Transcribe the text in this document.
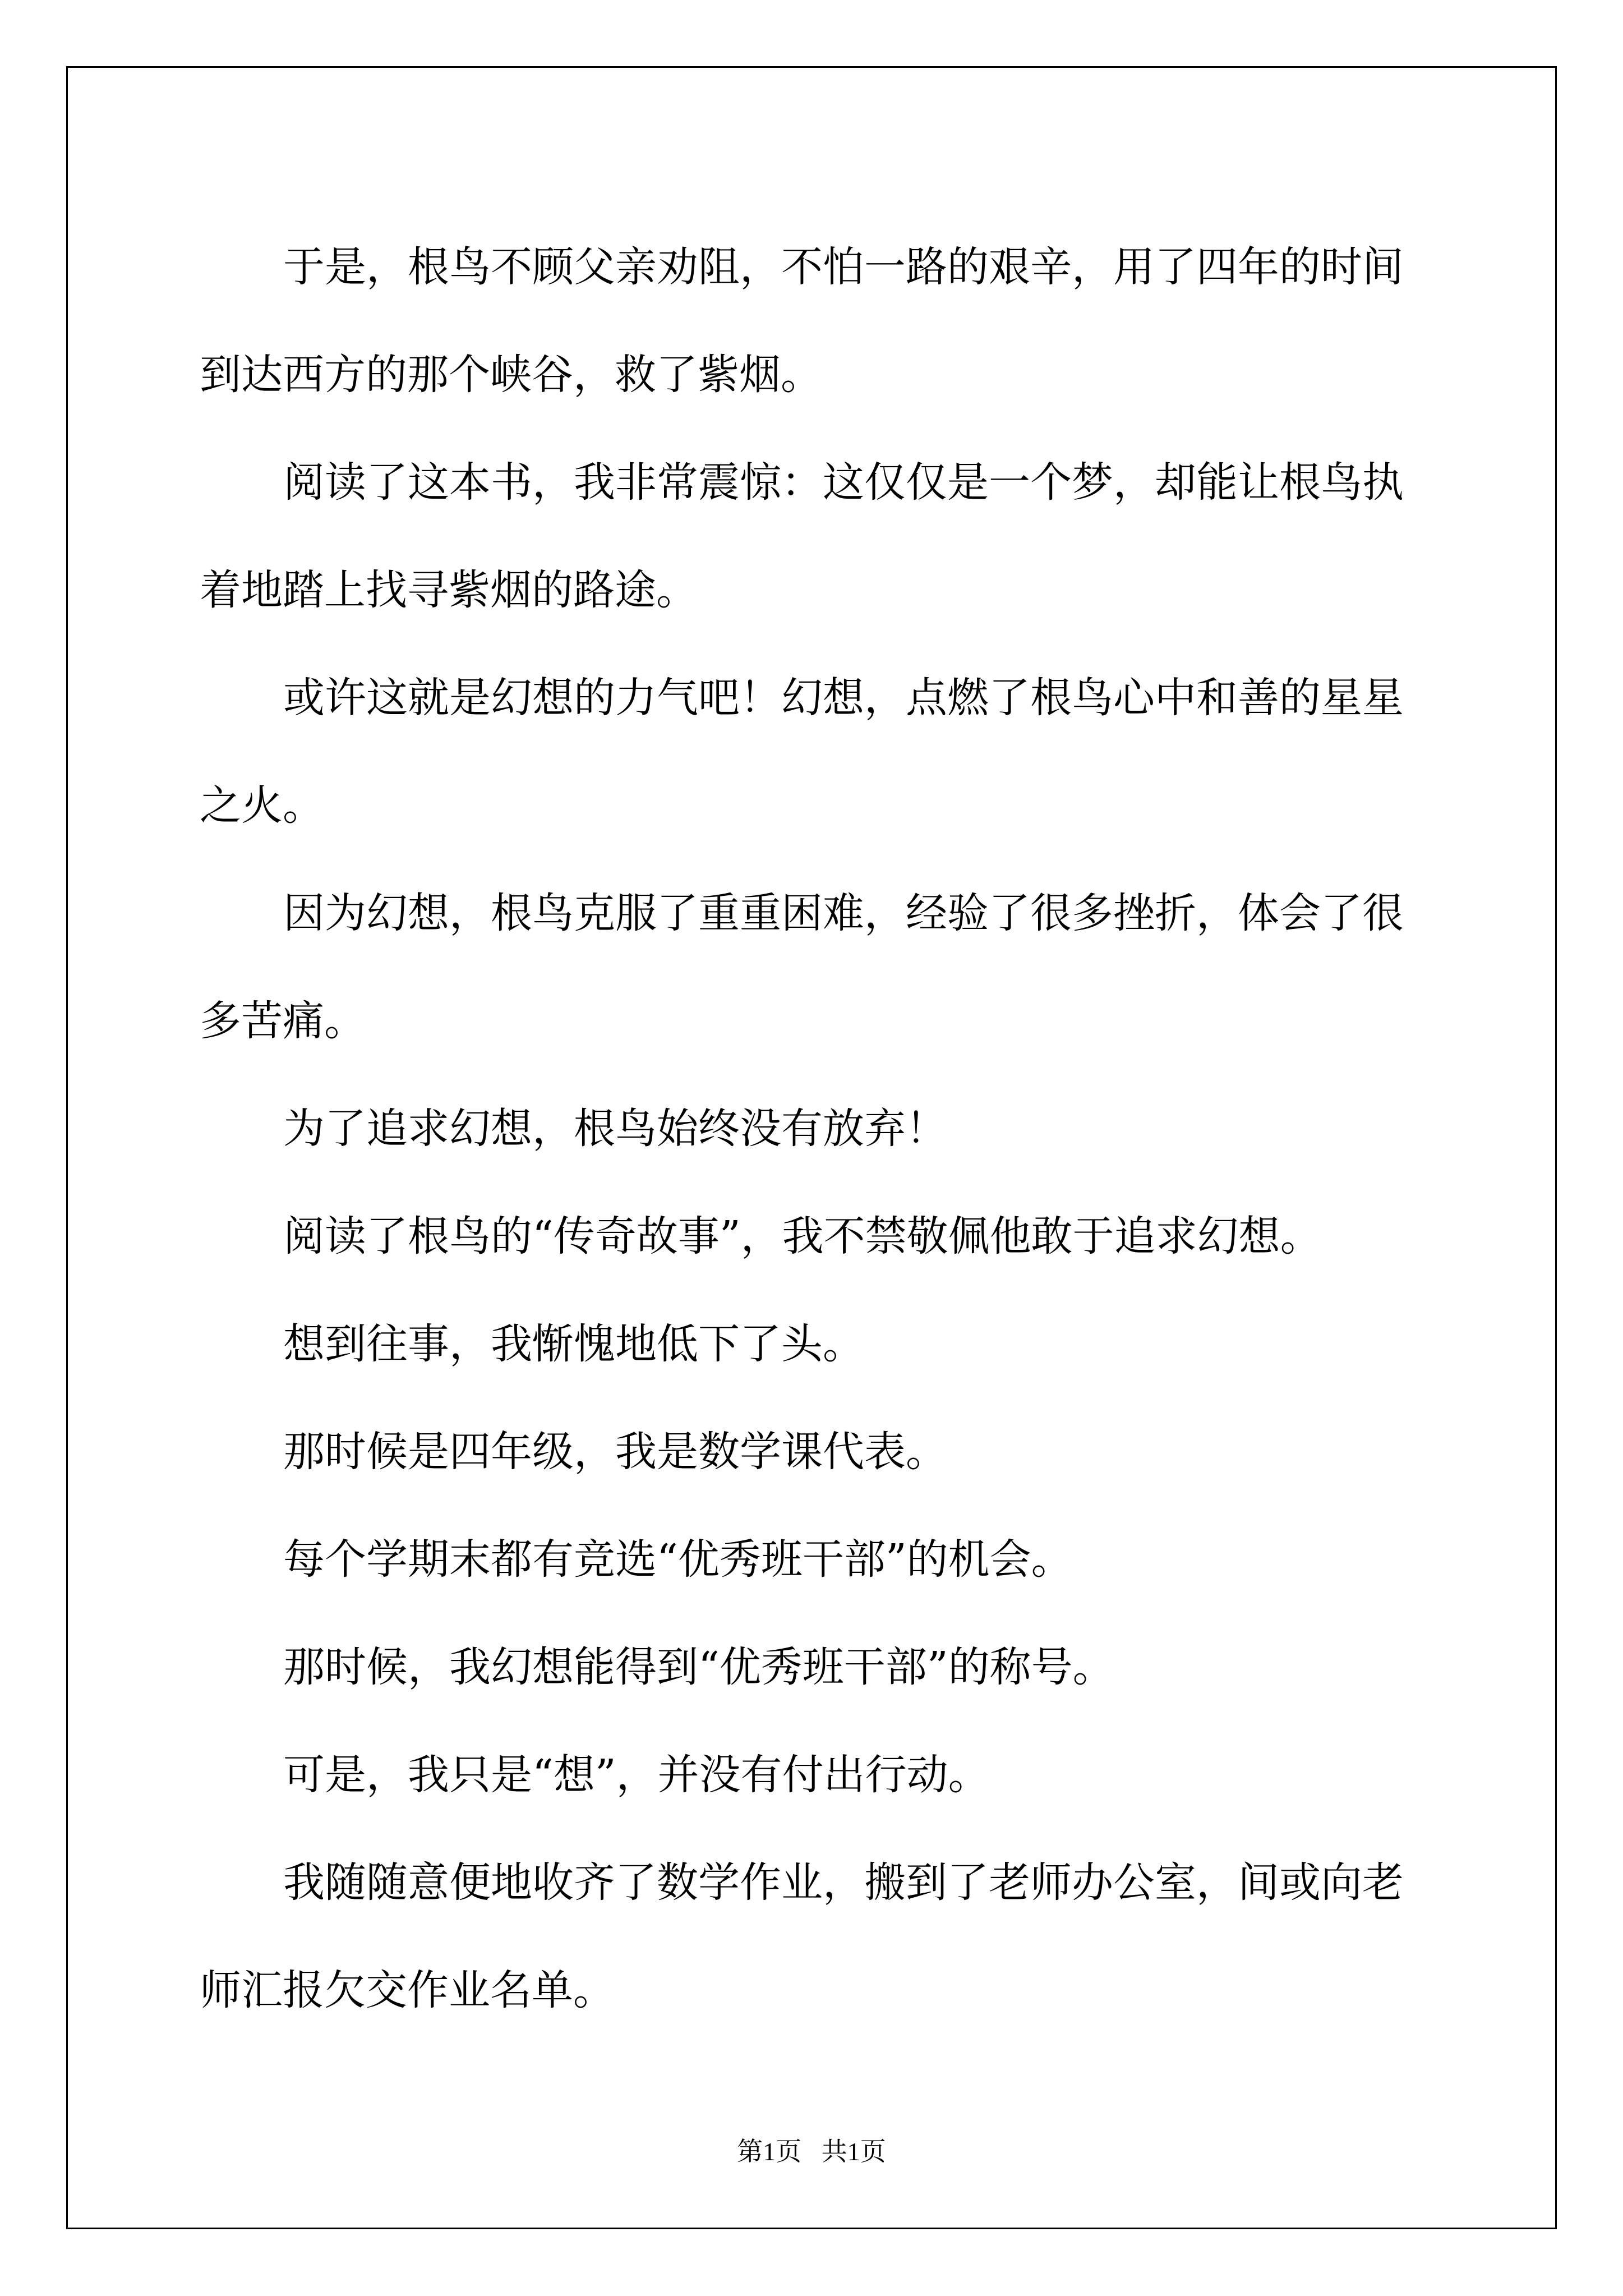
于是，根鸟不顾父亲劝阻，不怕一路的艰辛，用了四年的时间到达西方的那个峡谷，救了紫烟。

阅读了这本书，我非常震惊：这仅仅是一个梦，却能让根鸟执着地踏上找寻紫烟的路途。

或许这就是幻想的力气吧！幻想，点燃了根鸟心中和善的星星之火。

因为幻想，根鸟克服了重重困难，经验了很多挫折，体会了很多苦痛。

为了追求幻想，根鸟始终没有放弃！

阅读了根鸟的“传奇故事”，我不禁敬佩他敢于追求幻想。

想到往事，我惭愧地低下了头。

那时候是四年级，我是数学课代表。

每个学期末都有竞选“优秀班干部”的机会。

那时候，我幻想能得到“优秀班干部”的称号。

可是，我只是“想”，并没有付出行动。

我随随意便地收齐了数学作业，搬到了老师办公室，间或向老师汇报欠交作业名单。

第1页 共1页
